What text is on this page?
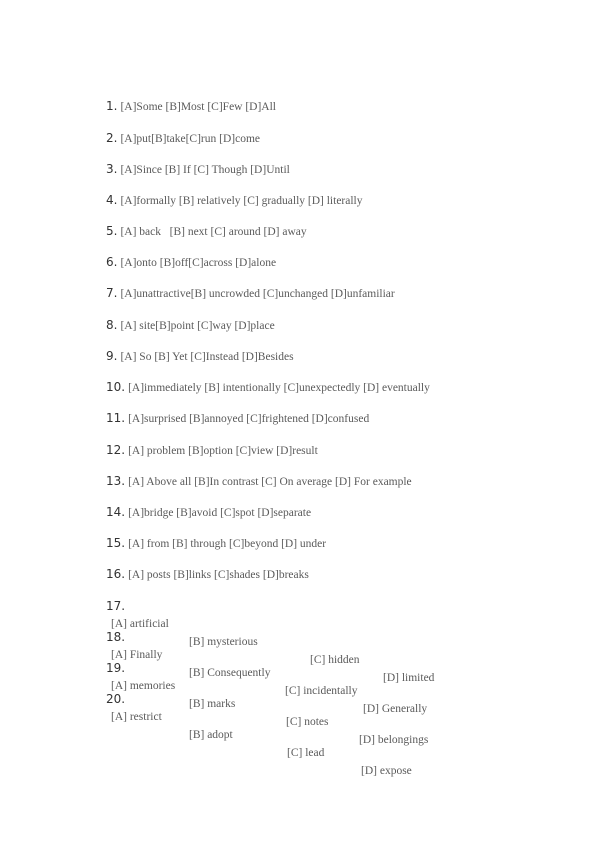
1. [A]Some [B]Most [C]Few [D]All

2. [A]put[B]take[C]run [D]come

3. [A]Since [B] If [C] Though [D]Until

4. [A]formally [B] relatively [C] gradually [D] literally

5. [A] back   [B] next [C] around [D] away

6. [A]onto [B]off[C]across [D]alone

7. [A]unattractive[B] uncrowded [C]unchanged [D]unfamiliar

8. [A] site[B]point [C]way [D]place

9. [A] So [B] Yet [C]Instead [D]Besides

10. [A]immediately [B] intentionally [C]unexpectedly [D] eventually

11. [A]surprised [B]annoyed [C]frightened [D]confused

12. [A] problem [B]option [C]view [D]result

13. [A] Above all [B]In contrast [C] On average [D] For example

14. [A]bridge [B]avoid [C]spot [D]separate

15. [A] from [B] through [C]beyond [D] under

16. [A] posts [B]links [C]shades [D]breaks

17.

[A] artificial

[B] mysterious

[C] hidden

[D] limited

18.

[A] Finally

[B] Consequently

[C] incidentally

[D] Generally

19.

[A] memories

[B] marks

[C] notes

[D] belongings

20.

[A] restrict

[B] adopt

[C] lead

[D] expose
